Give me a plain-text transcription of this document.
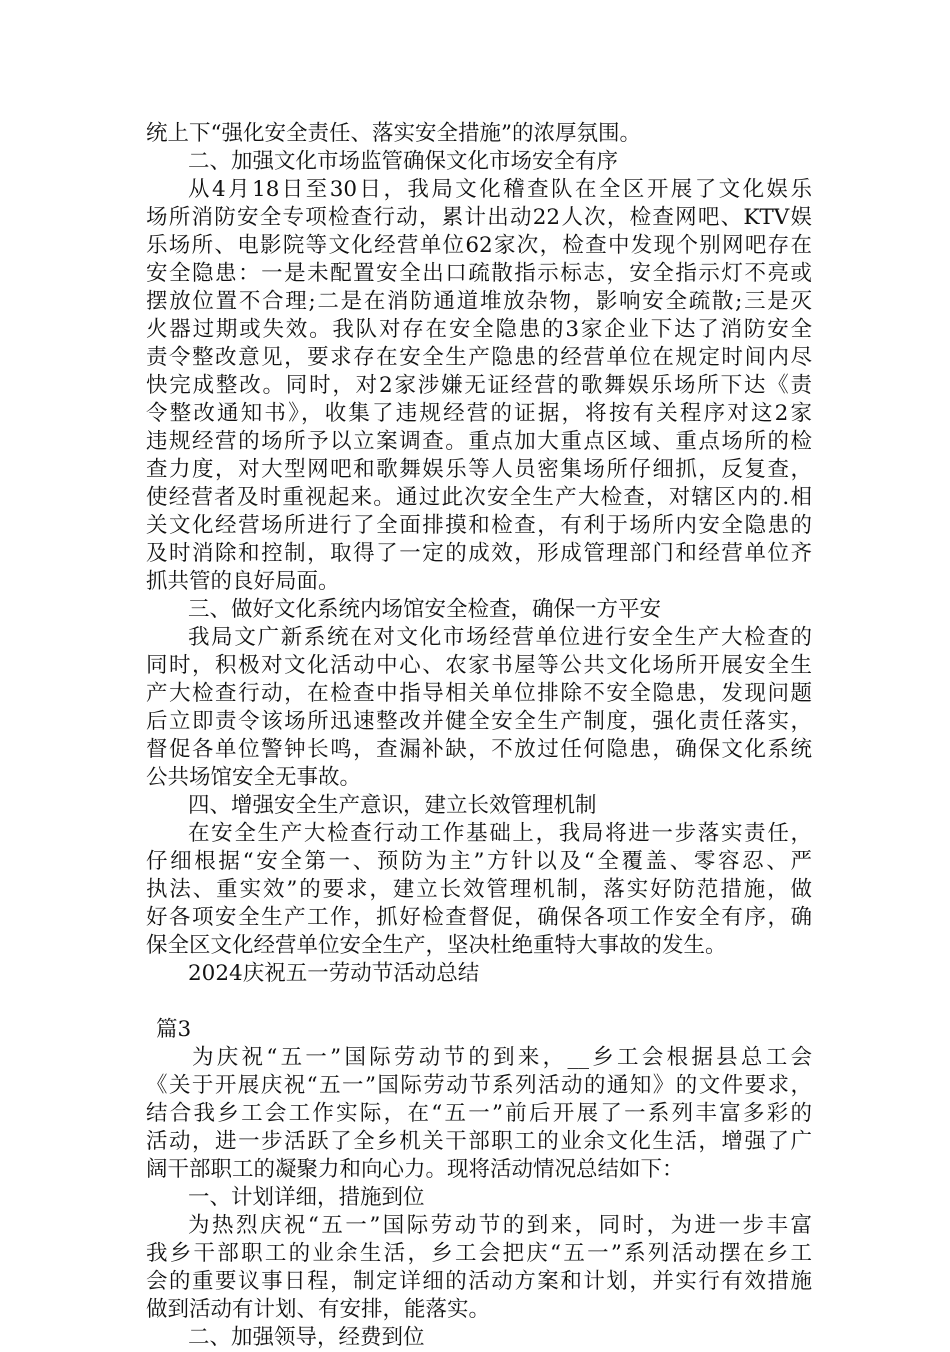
统上下“强化安全责任、落实安全措施”的浓厚氛围。
二、加强文化市场监管确保文化市场安全有序
从4月18日至30日，我局文化稽查队在全区开展了文化娱乐
场所消防安全专项检查行动，累计出动22人次，检查网吧、KTV娱
乐场所、电影院等文化经营单位62家次，检查中发现个别网吧存在
安全隐患：一是未配置安全出口疏散指示标志，安全指示灯不亮或
摆放位置不合理;二是在消防通道堆放杂物，影响安全疏散;三是灭
火器过期或失效。我队对存在安全隐患的3家企业下达了消防安全
责令整改意见，要求存在安全生产隐患的经营单位在规定时间内尽
快完成整改。同时，对2家涉嫌无证经营的歌舞娱乐场所下达《责
令整改通知书》，收集了违规经营的证据，将按有关程序对这2家
违规经营的场所予以立案调查。重点加大重点区域、重点场所的检
查力度，对大型网吧和歌舞娱乐等人员密集场所仔细抓，反复查，
使经营者及时重视起来。通过此次安全生产大检查，对辖区内的.相
关文化经营场所进行了全面排摸和检查，有利于场所内安全隐患的
及时消除和控制，取得了一定的成效，形成管理部门和经营单位齐
抓共管的良好局面。
三、做好文化系统内场馆安全检查，确保一方平安
我局文广新系统在对文化市场经营单位进行安全生产大检查的
同时，积极对文化活动中心、农家书屋等公共文化场所开展安全生
产大检查行动，在检查中指导相关单位排除不安全隐患，发现问题
后立即责令该场所迅速整改并健全安全生产制度，强化责任落实，
督促各单位警钟长鸣，查漏补缺，不放过任何隐患，确保文化系统
公共场馆安全无事故。
四、增强安全生产意识，建立长效管理机制
在安全生产大检查行动工作基础上，我局将进一步落实责任，
仔细根据“安全第一、预防为主”方针以及“全覆盖、零容忍、严
执法、重实效”的要求，建立长效管理机制，落实好防范措施，做
好各项安全生产工作，抓好检查督促，确保各项工作安全有序，确
保全区文化经营单位安全生产，坚决杜绝重特大事故的发生。
2024庆祝五一劳动节活动总结
篇3
为庆祝“五一”国际劳动节的到来，__乡工会根据县总工会
《关于开展庆祝“五一”国际劳动节系列活动的通知》的文件要求，
结合我乡工会工作实际，在“五一”前后开展了一系列丰富多彩的
活动，进一步活跃了全乡机关干部职工的业余文化生活，增强了广
阔干部职工的凝聚力和向心力。现将活动情况总结如下：
一、计划详细，措施到位
为热烈庆祝“五一”国际劳动节的到来，同时，为进一步丰富
我乡干部职工的业余生活，乡工会把庆“五一”系列活动摆在乡工
会的重要议事日程，制定详细的活动方案和计划，并实行有效措施
做到活动有计划、有安排，能落实。
二、加强领导，经费到位
